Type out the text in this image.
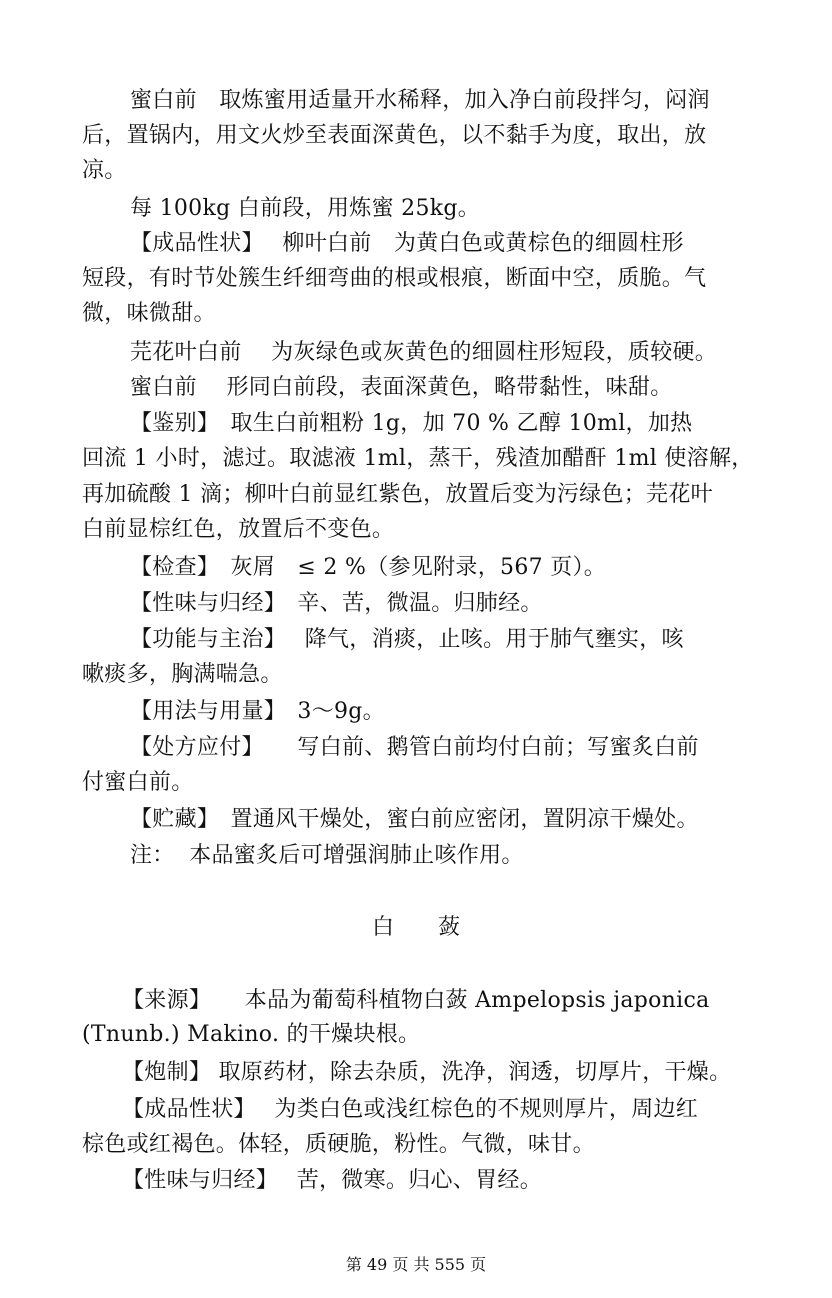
蜜白前　取炼蜜用适量开水稀释，加入净白前段拌匀，闷润
后，置锅内，用文火炒至表面深黄色，以不黏手为度，取出，放
凉。
每 100kg 白前段，用炼蜜 25kg。
【成品性状】　 柳叶白前　为黄白色或黄棕色的细圆柱形
短段，有时节处簇生纤细弯曲的根或根痕，断面中空，质脆。气
微，味微甜。
芫花叶白前　 为灰绿色或灰黄色的细圆柱形短段，质较硬。
蜜白前　 形同白前段，表面深黄色，略带黏性，味甜。
【鉴别】　取生白前粗粉 1g，加 70 % 乙醇 10ml，加热
回流 1 小时，滤过。取滤液 1ml，蒸干，残渣加醋酐 1ml 使溶解，
再加硫酸 1 滴；柳叶白前显红紫色，放置后变为污绿色；芫花叶
白前显棕红色，放置后不变色。
【检查】　灰屑　≤ 2 %（参见附录，567 页）。
【性味与归经】　辛、苦，微温。归肺经。
【功能与主治】　 降气，消痰，止咳。用于肺气壅实，咳
嗽痰多，胸满喘急。
【用法与用量】　3～9g。
【处方应付】　　写白前、鹅管白前均付白前；写蜜炙白前
付蜜白前。
【贮藏】　置通风干燥处，蜜白前应密闭，置阴凉干燥处。
注：  本品蜜炙后可增强润肺止咳作用。
白 蔹
【来源】　　本品为葡萄科植物白蔹 Ampelopsis japonica
(Tnunb.) Makino. 的干燥块根。
【炮制】 取原药材，除去杂质，洗净，润透，切厚片，干燥。
【成品性状】　 为类白色或浅红棕色的不规则厚片，周边红
棕色或红褐色。体轻，质硬脆，粉性。气微，味甘。
【性味与归经】　 苦，微寒。归心、胃经。
第 49 页 共 555 页
